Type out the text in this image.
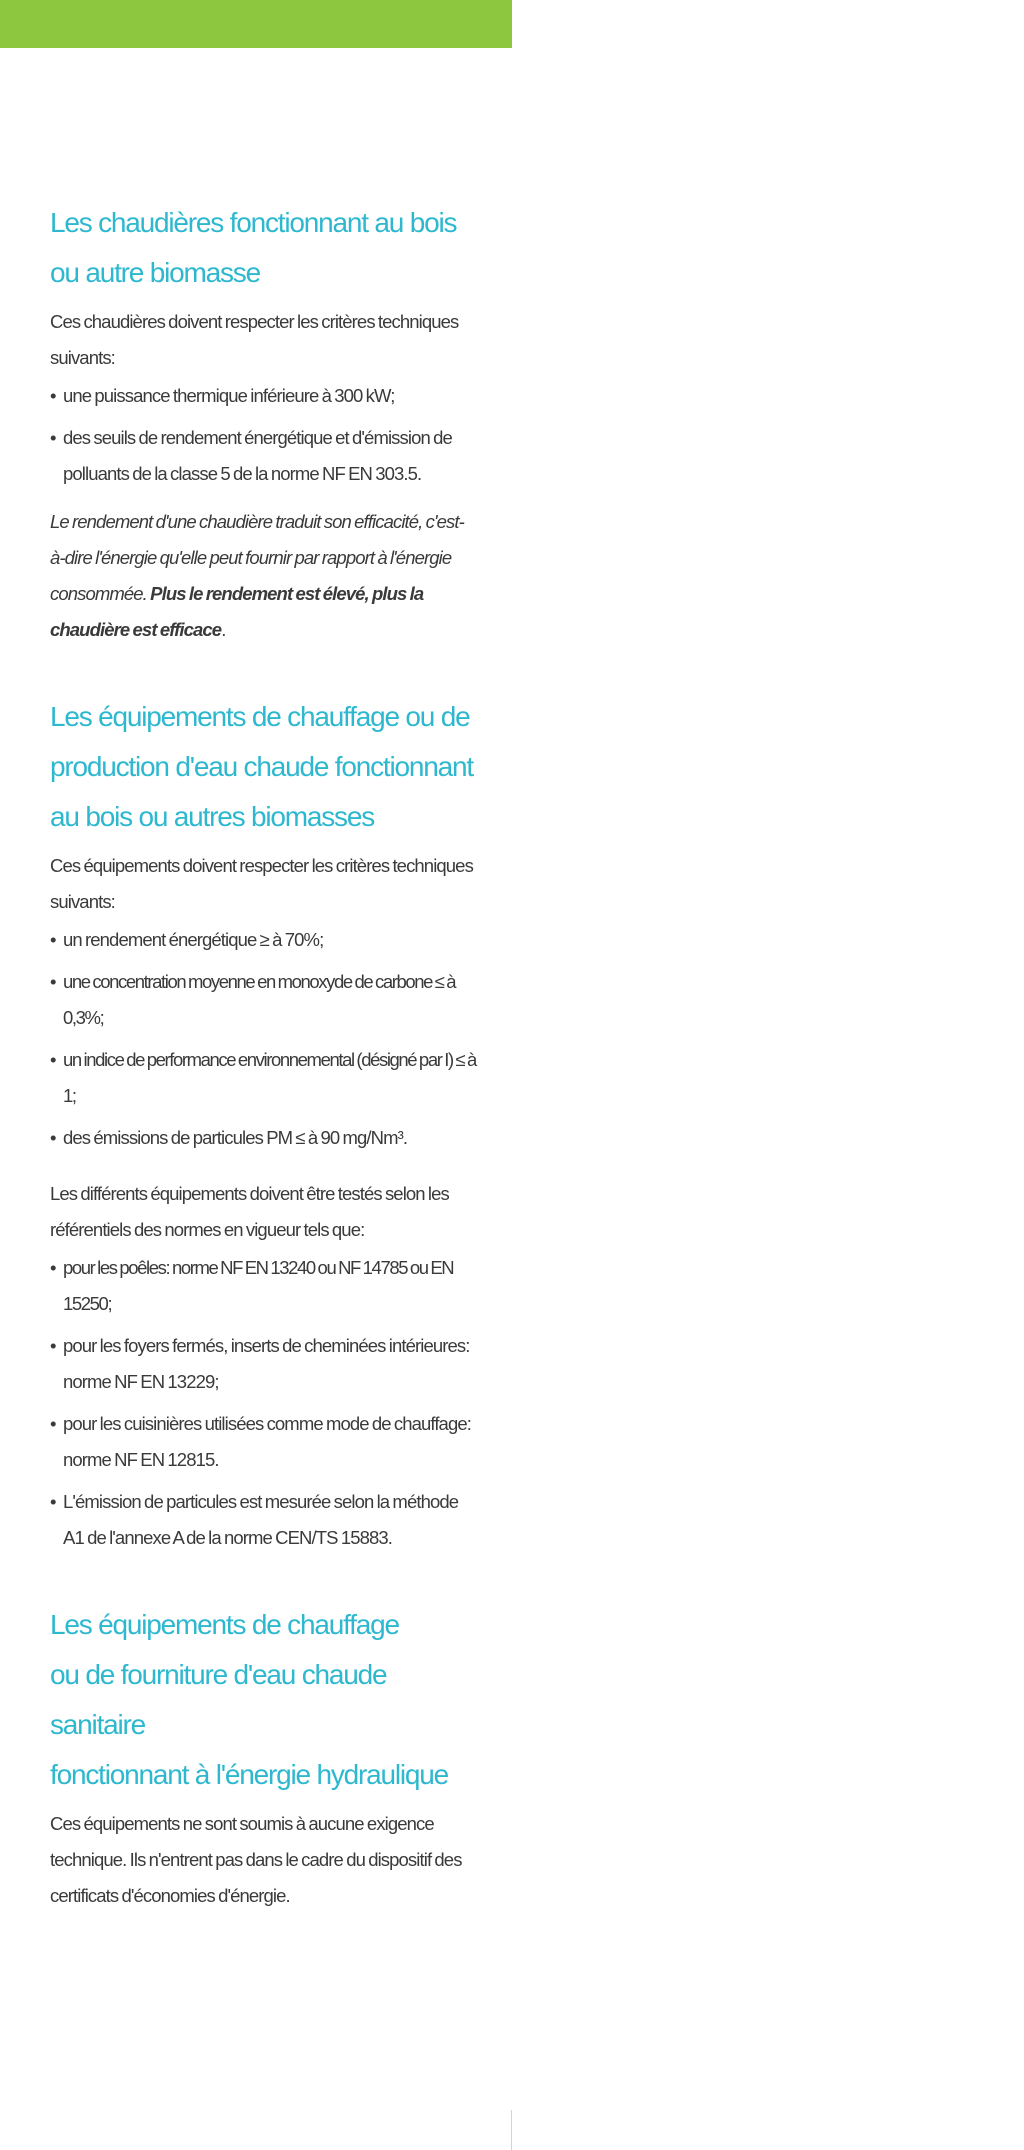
Les chaudières fonctionnant au bois
ou autre biomasse

Ces chaudières doivent respecter les critères techniques suivants:

• une puissance thermique inférieure à 300 kW;
• des seuils de rendement énergétique et d'émission de polluants de la classe 5 de la norme NF EN 303.5.

Le rendement d'une chaudière traduit son efficacité, c'est-à-dire l'énergie qu'elle peut fournir par rapport à l'énergie consommée. Plus le rendement est élevé, plus la chaudière est efficace.

Les équipements de chauffage ou de
production d'eau chaude fonctionnant
au bois ou autres biomasses

Ces équipements doivent respecter les critères techniques suivants:

• un rendement énergétique ≥ à 70%;
• une concentration moyenne en monoxyde de carbone ≤ à 0,3%;
• un indice de performance environnemental (désigné par I) ≤ à 1;
• des émissions de particules PM ≤ à 90 mg/Nm³.

Les différents équipements doivent être testés selon les référentiels des normes en vigueur tels que:

• pour les poêles: norme NF EN 13240 ou NF 14785 ou EN 15250;
• pour les foyers fermés, inserts de cheminées intérieures: norme NF EN 13229;
• pour les cuisinières utilisées comme mode de chauffage: norme NF EN 12815.
• L'émission de particules est mesurée selon la méthode A1 de l'annexe A de la norme CEN/TS 15883.
Les équipements de chauffage
ou de fourniture d'eau chaude sanitaire
fonctionnant à l'énergie hydraulique

Ces équipements ne sont soumis à aucune exigence technique. Ils n'entrent pas dans le cadre du dispositif des certificats d'économies d'énergie.
